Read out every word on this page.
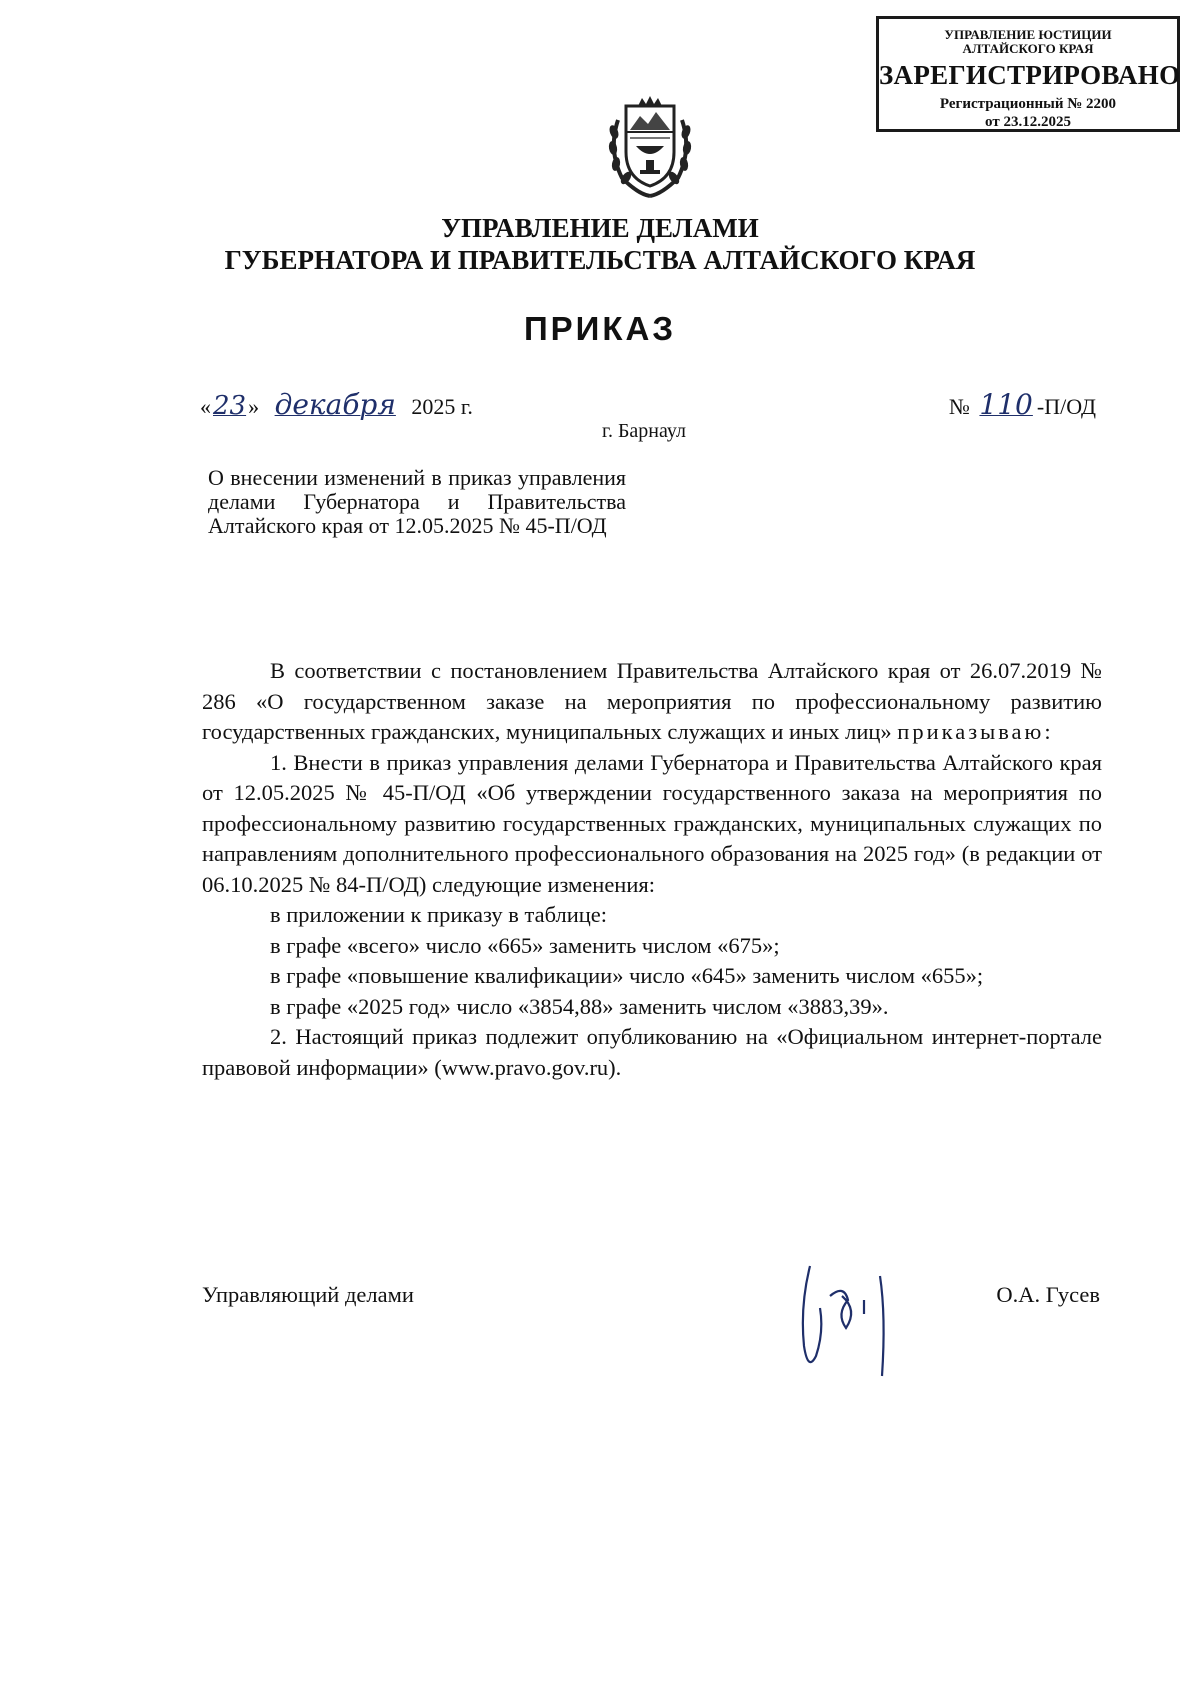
УПРАВЛЕНИЕ ЮСТИЦИИ
АЛТАЙСКОГО КРАЯ
ЗАРЕГИСТРИРОВАНО
Регистрационный № 2200
от 23.12.2025
УПРАВЛЕНИЕ ДЕЛАМИ
ГУБЕРНАТОРА И ПРАВИТЕЛЬСТВА АЛТАЙСКОГО КРАЯ
ПРИКАЗ
«23» декабря 2025 г.	№ 110 -П/ОД
г. Барнаул
О внесении изменений в приказ управления делами Губернатора и Правительства Алтайского края от 12.05.2025 № 45-П/ОД

В соответствии с постановлением Правительства Алтайского края от 26.07.2019 № 286 «О государственном заказе на мероприятия по профессиональному развитию государственных гражданских, муниципальных служащих и иных лиц» приказываю:

1. Внести в приказ управления делами Губернатора и Правительства Алтайского края от 12.05.2025 № 45-П/ОД «Об утверждении государственного заказа на мероприятия по профессиональному развитию государственных гражданских, муниципальных служащих по направлениям дополнительного профессионального образования на 2025 год» (в редакции от 06.10.2025 № 84-П/ОД) следующие изменения:

в приложении к приказу в таблице:

в графе «всего» число «665» заменить числом «675»;

в графе «повышение квалификации» число «645» заменить числом «655»;

в графе «2025 год» число «3854,88» заменить числом «3883,39».

2. Настоящий приказ подлежит опубликованию на «Официальном интернет-портале правовой информации» (www.pravo.gov.ru).

Управляющий делами	О.А. Гусев
